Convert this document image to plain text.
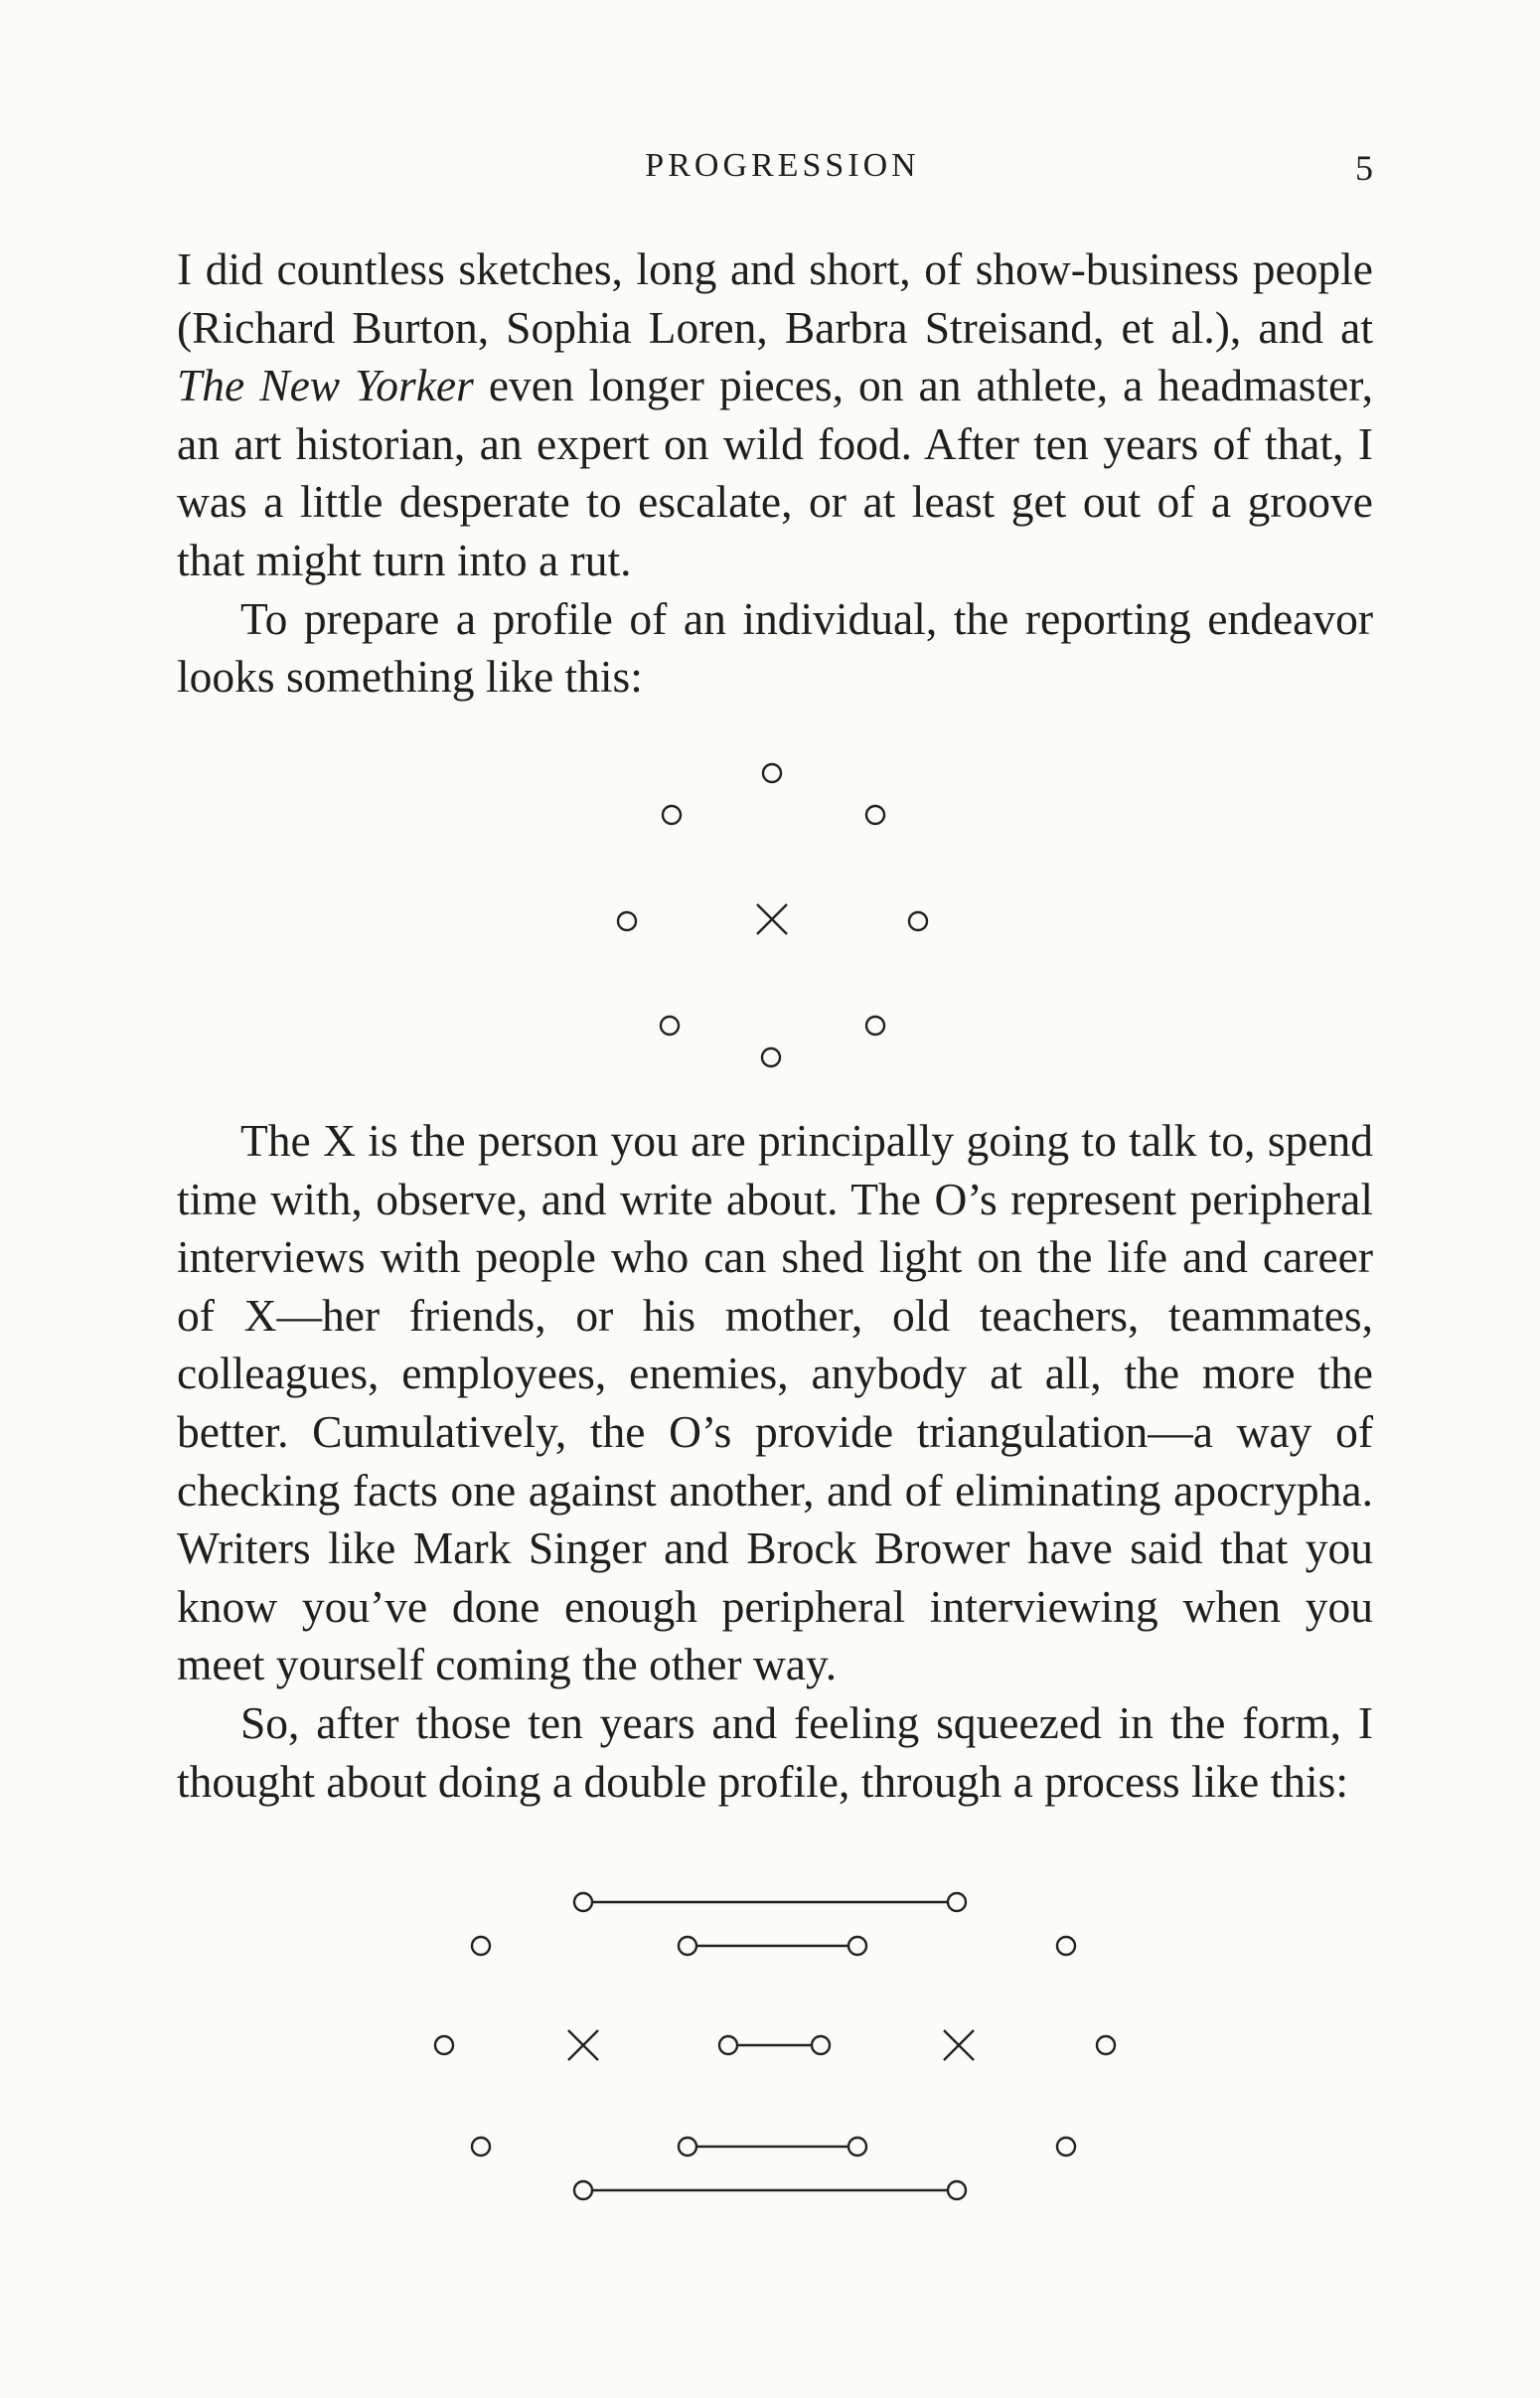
PROGRESSION	5

I did countless sketches, long and short, of show-business people (Richard Burton, Sophia Loren, Barbra Streisand, et al.), and at The New Yorker even longer pieces, on an athlete, a headmaster, an art historian, an expert on wild food. After ten years of that, I was a little desperate to escalate, or at least get out of a groove that might turn into a rut.

To prepare a profile of an individual, the reporting endeavor looks something like this:

The X is the person you are principally going to talk to, spend time with, observe, and write about. The O’s represent peripheral interviews with people who can shed light on the life and career of X—her friends, or his mother, old teachers, teammates, colleagues, employees, enemies, anybody at all, the more the better. Cumulatively, the O’s provide triangulation—a way of checking facts one against another, and of eliminating apocrypha. Writers like Mark Singer and Brock Brower have said that you know you’ve done enough peripheral interviewing when you meet yourself coming the other way.

So, after those ten years and feeling squeezed in the form, I thought about doing a double profile, through a process like this:
